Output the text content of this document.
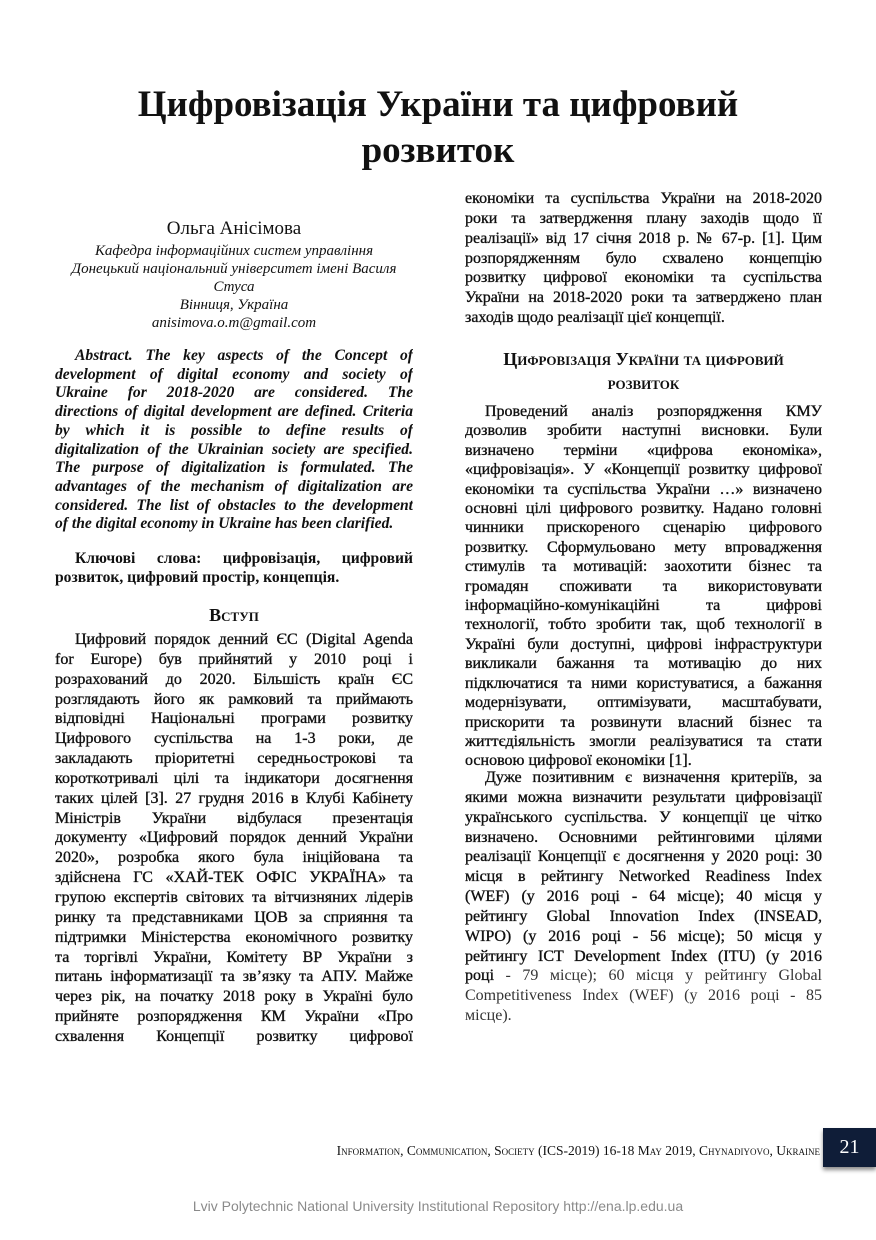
Цифровізація України та цифровий
розвиток
Ольга Анісімова
Кафедра інформаційних систем управління
Донецький національний університет імені Василя
Стуса
Вінниця, Україна
anisimova.o.m@gmail.com
Abstract. The key aspects of the Concept of
development of digital economy and society of
Ukraine for 2018-2020 are considered. The
directions of digital development are defined. Criteria
by which it is possible to define results of
digitalization of the Ukrainian society are specified.
The purpose of digitalization is formulated. The
advantages of the mechanism of digitalization are
considered. The list of obstacles to the development
of the digital economy in Ukraine has been clarified.
Ключові слова: цифровізація, цифровий
розвиток, цифровий простір, концепція.
Вступ
Цифровий порядок денний ЄС (Digital Agenda
for Europe) був прийнятий у 2010 році і
розрахований до 2020. Більшість країн ЄС
розглядають його як рамковий та приймають
відповідні Національні програми розвитку
Цифрового суспільства на 1-3 роки, де
закладають пріоритетні середньострокові та
короткотривалі цілі та індикатори досягнення
таких цілей [3]. 27 грудня 2016 в Клубі Кабінету
Міністрів України відбулася презентація
документу «Цифровий порядок денний України
2020», розробка якого була ініційована та
здійснена ГС «ХАЙ-ТЕК ОФІС УКРАЇНА» та
групою експертів світових та вітчизняних лідерів
ринку та представниками ЦОВ за сприяння та
підтримки Міністерства економічного розвитку
та торгівлі України, Комітету ВР України з
питань інформатизації та зв’язку та АПУ. Майже
через рік, на початку 2018 року в Україні було
прийняте розпорядження КМ України «Про
схвалення Концепції розвитку цифрової
економіки та суспільства України на 2018-2020
роки та затвердження плану заходів щодо її
реалізації» від 17 січня 2018 р. № 67-р. [1]. Цим
розпорядженням було схвалено концепцію
розвитку цифрової економіки та суспільства
України на 2018-2020 роки та затверджено план
заходів щодо реалізації цієї концепції.
Цифровізація України та цифровий
розвиток
Проведений аналіз розпорядження КМУ
дозволив зробити наступні висновки. Були
визначено терміни «цифрова економіка»,
«цифровізація». У «Концепції розвитку цифрової
економіки та суспільства України …» визначено
основні цілі цифрового розвитку. Надано головні
чинники прискореного сценарію цифрового
розвитку. Сформульовано мету впровадження
стимулів та мотивацій: заохотити бізнес та
громадян споживати та використовувати
інформаційно-комунікаційні та цифрові
технології, тобто зробити так, щоб технології в
Україні були доступні, цифрові інфраструктури
викликали бажання та мотивацію до них
підключатися та ними користуватися, а бажання
модернізувати, оптимізувати, масштабувати,
прискорити та розвинути власний бізнес та
життєдіяльність змогли реалізуватися та стати
основою цифрової економіки [1].
Дуже позитивним є визначення критеріїв, за
якими можна визначити результати цифровізації
українського суспільства. У концепції це чітко
визначено. Основними рейтинговими цілями
реалізації Концепції є досягнення у 2020 році: 30
місця в рейтингу Networked Readiness Index
(WEF) (у 2016 році - 64 місце); 40 місця у
рейтингу Global Innovation Index (INSEAD,
WIPO) (у 2016 році - 56 місце); 50 місця у
рейтингу ICT Development Index (ITU) (у 2016
році - 79 місце); 60 місця у рейтингу Global
Competitiveness Index (WEF) (у 2016 році - 85
місце).
Information, Communication, Society (ICS-2019) 16-18 May 2019, Chynadiyovo, Ukraine 21
Lviv Polytechnic National University Institutional Repository http://ena.lp.edu.ua
